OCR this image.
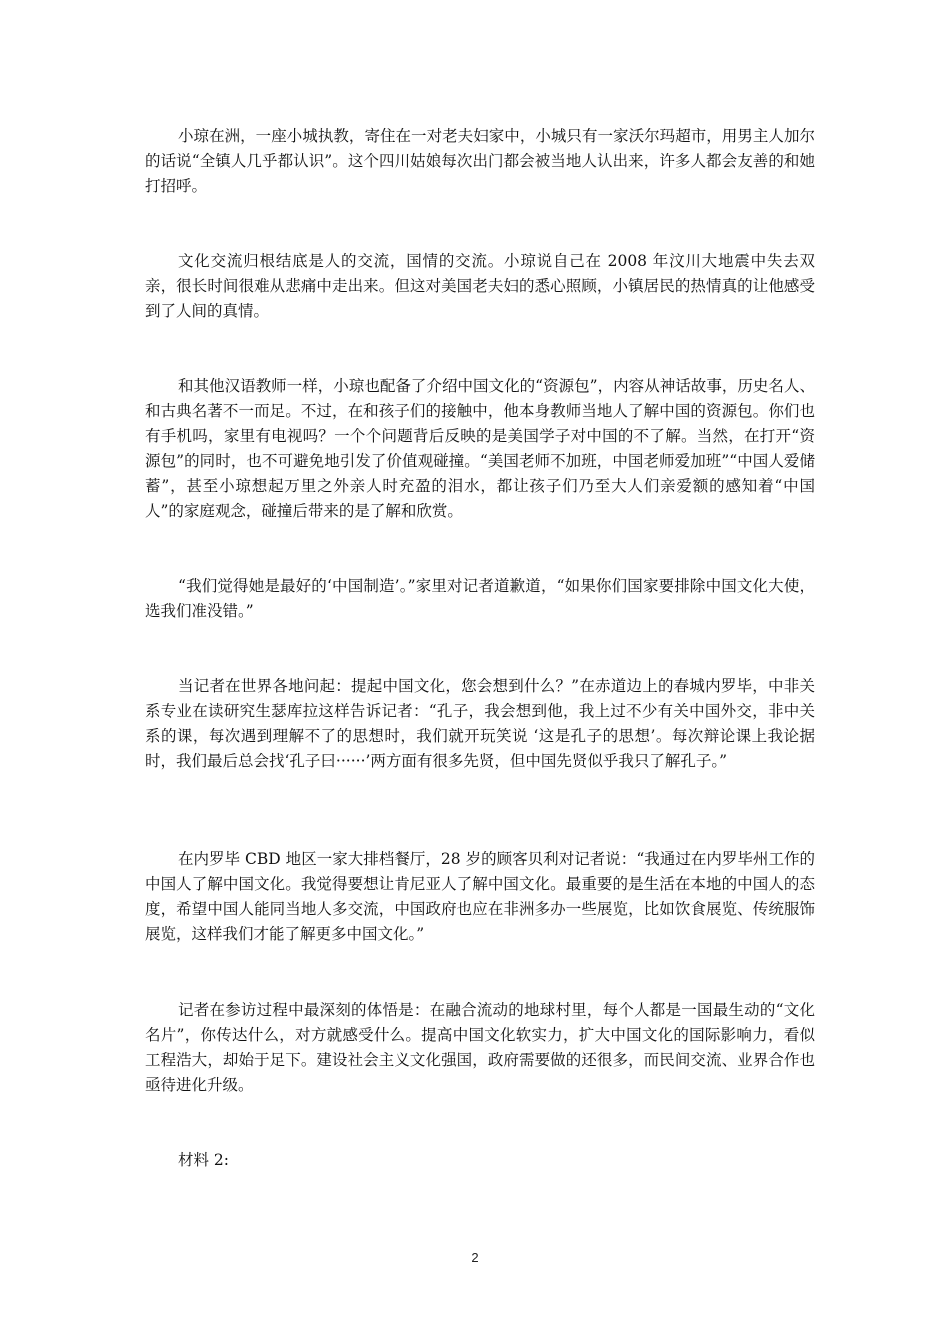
小琼在洲，一座小城执教，寄住在一对老夫妇家中，小城只有一家沃尔玛超市，用男主人加尔的话说“全镇人几乎都认识”。这个四川姑娘每次出门都会被当地人认出来，许多人都会友善的和她打招呼。

文化交流归根结底是人的交流，国情的交流。小琼说自己在 2008 年汶川大地震中失去双亲，很长时间很难从悲痛中走出来。但这对美国老夫妇的悉心照顾，小镇居民的热情真的让他感受到了人间的真情。

和其他汉语教师一样，小琼也配备了介绍中国文化的“资源包”，内容从神话故事，历史名人、和古典名著不一而足。不过，在和孩子们的接触中，他本身教师当地人了解中国的资源包。你们也有手机吗，家里有电视吗？一个个问题背后反映的是美国学子对中国的不了解。当然，在打开“资源包”的同时，也不可避免地引发了价值观碰撞。“美国老师不加班，中国老师爱加班”“中国人爱储蓄”，甚至小琼想起万里之外亲人时充盈的泪水，都让孩子们乃至大人们亲爱额的感知着“中国人”的家庭观念，碰撞后带来的是了解和欣赏。

“我们觉得她是最好的‘中国制造’。”家里对记者道歉道，“如果你们国家要排除中国文化大使，选我们准没错。”

当记者在世界各地问起：提起中国文化，您会想到什么？”在赤道边上的春城内罗毕，中非关系专业在读研究生瑟库拉这样告诉记者：“孔子，我会想到他，我上过不少有关中国外交，非中关系的课，每次遇到理解不了的思想时，我们就开玩笑说 ‘这是孔子的思想’。每次辩论课上我论据时，我们最后总会找‘孔子曰······’两方面有很多先贤，但中国先贤似乎我只了解孔子。”

在内罗毕 CBD 地区一家大排档餐厅，28 岁的顾客贝利对记者说：“我通过在内罗毕州工作的中国人了解中国文化。我觉得要想让肯尼亚人了解中国文化。最重要的是生活在本地的中国人的态度，希望中国人能同当地人多交流，中国政府也应在非洲多办一些展览，比如饮食展览、传统服饰展览，这样我们才能了解更多中国文化。”

记者在参访过程中最深刻的体悟是：在融合流动的地球村里，每个人都是一国最生动的“文化名片”，你传达什么，对方就感受什么。提高中国文化软实力，扩大中国文化的国际影响力，看似工程浩大，却始于足下。建设社会主义文化强国，政府需要做的还很多，而民间交流、业界合作也亟待进化升级。

材料 2:

2
